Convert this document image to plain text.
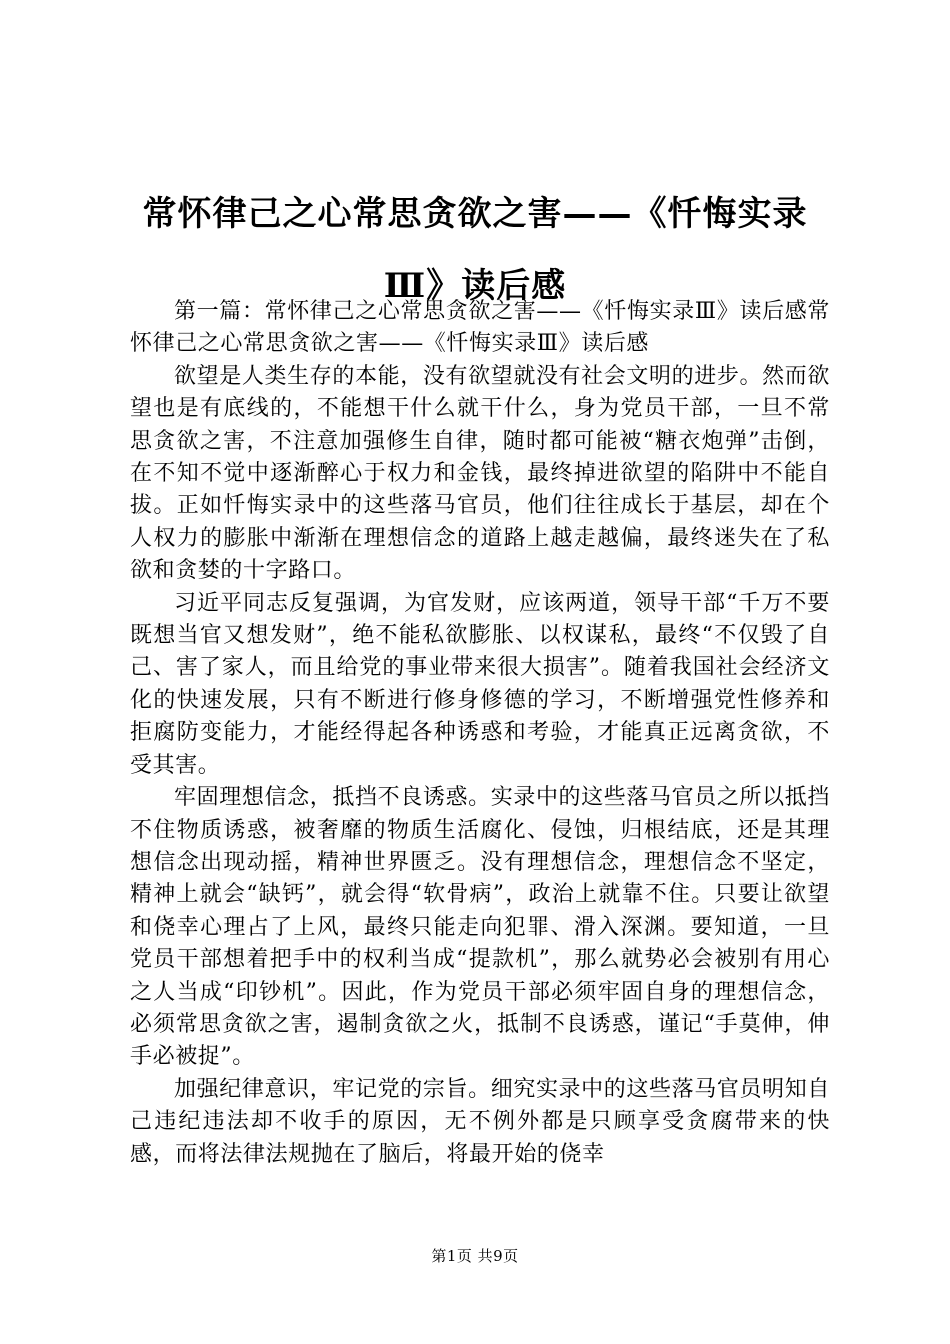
常怀律己之心常思贪欲之害——《忏悔实录Ⅲ》读后感

第一篇：常怀律己之心常思贪欲之害——《忏悔实录Ⅲ》读后感常怀律己之心常思贪欲之害——《忏悔实录Ⅲ》读后感

欲望是人类生存的本能，没有欲望就没有社会文明的进步。然而欲望也是有底线的，不能想干什么就干什么，身为党员干部，一旦不常思贪欲之害，不注意加强修生自律，随时都可能被“糖衣炮弹”击倒，在不知不觉中逐渐醉心于权力和金钱，最终掉进欲望的陷阱中不能自拔。正如忏悔实录中的这些落马官员，他们往往成长于基层，却在个人权力的膨胀中渐渐在理想信念的道路上越走越偏，最终迷失在了私欲和贪婪的十字路口。

习近平同志反复强调，为官发财，应该两道，领导干部“千万不要既想当官又想发财”，绝不能私欲膨胀、以权谋私，最终“不仅毁了自己、害了家人，而且给党的事业带来很大损害”。随着我国社会经济文化的快速发展，只有不断进行修身修德的学习，不断增强党性修养和拒腐防变能力，才能经得起各种诱惑和考验，才能真正远离贪欲，不受其害。

牢固理想信念，抵挡不良诱惑。实录中的这些落马官员之所以抵挡不住物质诱惑，被奢靡的物质生活腐化、侵蚀，归根结底，还是其理想信念出现动摇，精神世界匮乏。没有理想信念，理想信念不坚定，精神上就会“缺钙”，就会得“软骨病”，政治上就靠不住。只要让欲望和侥幸心理占了上风，最终只能走向犯罪、滑入深渊。要知道，一旦党员干部想着把手中的权利当成“提款机”，那么就势必会被别有用心之人当成“印钞机”。因此，作为党员干部必须牢固自身的理想信念，必须常思贪欲之害，遏制贪欲之火，抵制不良诱惑，谨记“手莫伸，伸手必被捉”。

加强纪律意识，牢记党的宗旨。细究实录中的这些落马官员明知自己违纪违法却不收手的原因，无不例外都是只顾享受贪腐带来的快感，而将法律法规抛在了脑后，将最开始的侥幸

第1页 共9页
